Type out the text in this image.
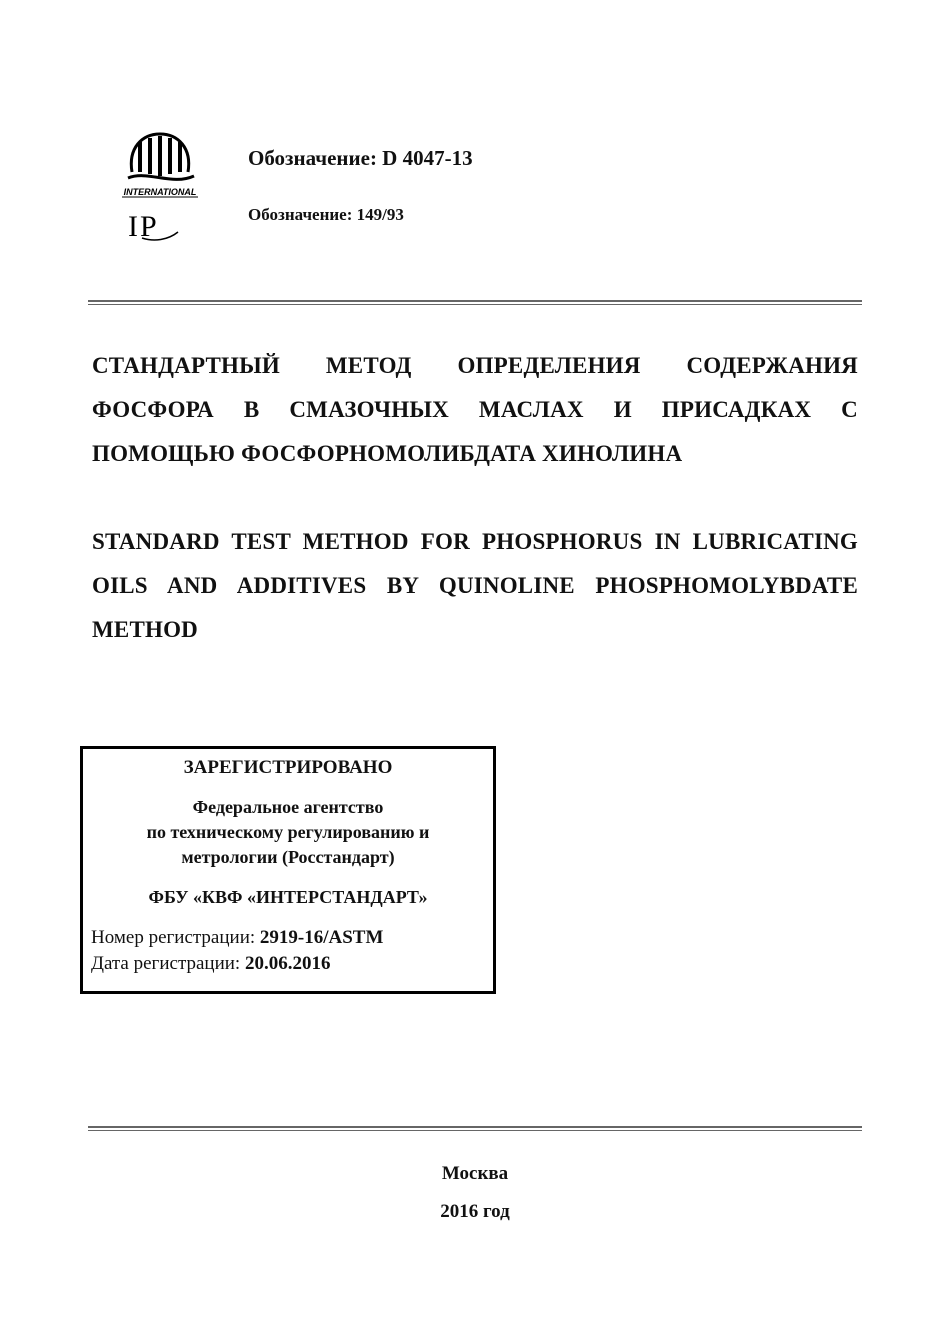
INTERNATIONAL
I P
Обозначение: D 4047-13
Обозначение: 149/93
СТАНДАРТНЫЙ МЕТОД ОПРЕДЕЛЕНИЯ СОДЕРЖАНИЯ ФОСФОРА В СМАЗОЧНЫХ МАСЛАХ И ПРИСАДКАХ С ПОМОЩЬЮ ФОСФОРНОМОЛИБДАТА ХИНОЛИНА
STANDARD TEST METHOD FOR PHOSPHORUS IN LUBRICATING OILS AND ADDITIVES BY QUINOLINE PHOSPHOMOLYBDATE METHOD
ЗАРЕГИСТРИРОВАНО
Федеральное агентство
по техническому регулированию и
метрологии (Росстандарт)
ФБУ «КВФ «ИНТЕРСТАНДАРТ»
Номер регистрации: 2919-16/ASTM
Дата регистрации: 20.06.2016
Москва
2016 год
